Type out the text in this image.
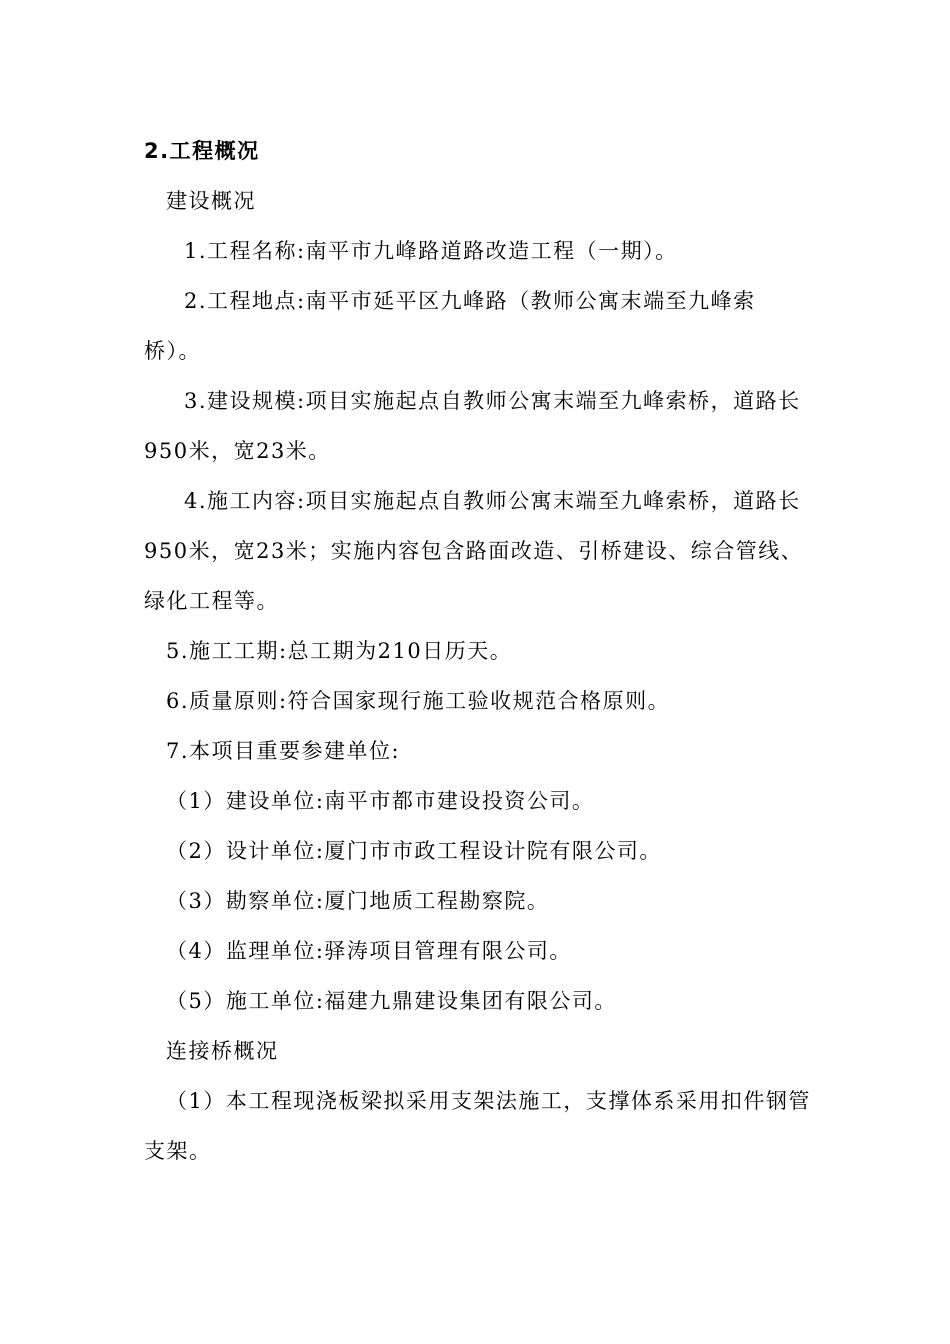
2.工程概况
建设概况
1.工程名称:南平市九峰路道路改造工程（一期）。
2.工程地点:南平市延平区九峰路（教师公寓末端至九峰索
桥）。
3.建设规模:项目实施起点自教师公寓末端至九峰索桥，道路长
950米，宽23米。
4.施工内容:项目实施起点自教师公寓末端至九峰索桥，道路长
950米，宽23米；实施内容包含路面改造、引桥建设、综合管线、
绿化工程等。
5.施工工期:总工期为210日历天。
6.质量原则:符合国家现行施工验收规范合格原则。
7.本项目重要参建单位:
（1）建设单位:南平市都市建设投资公司。
（2）设计单位:厦门市市政工程设计院有限公司。
（3）勘察单位:厦门地质工程勘察院。
（4）监理单位:驿涛项目管理有限公司。
（5）施工单位:福建九鼎建设集团有限公司。
连接桥概况
（1）本工程现浇板梁拟采用支架法施工，支撑体系采用扣件钢管
支架。
